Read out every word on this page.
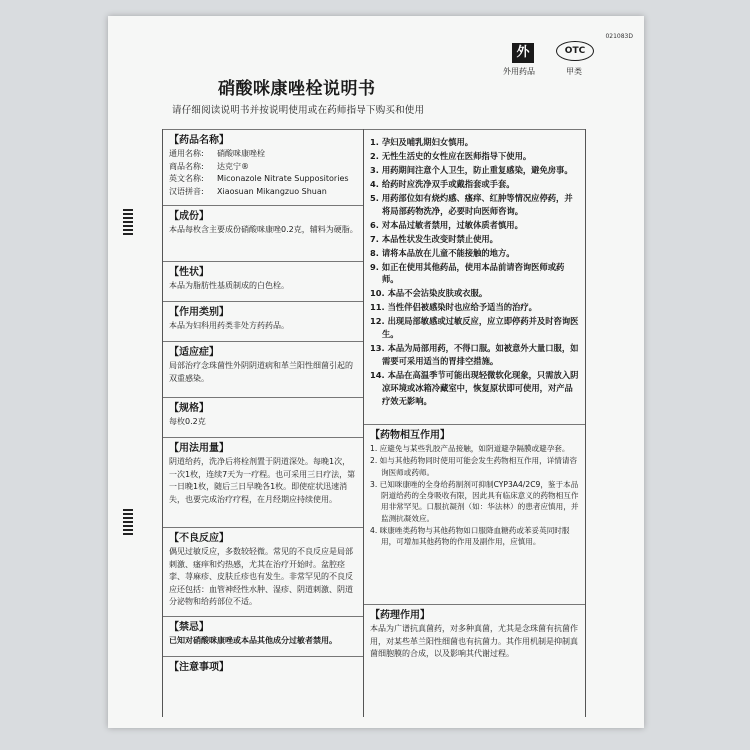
021083D
外
外用药品
OTC
甲类
硝酸咪康唑栓说明书
请仔细阅读说明书并按说明使用或在药师指导下购买和使用
【药品名称】
通用名称: 硝酸咪康唑栓
商品名称: 达克宁®
英文名称: Miconazole Nitrate Suppositories
汉语拼音: Xiaosuan Mikangzuo Shuan
【成份】
本品每枚含主要成份硝酸咪康唑0.2克，辅料为硬脂。
【性状】
本品为脂肪性基质制成的白色栓。
【作用类别】
本品为妇科用药类非处方药药品。
【适应症】
局部治疗念珠菌性外阴阴道病和革兰阳性细菌引起的双重感染。
【规格】
每枚0.2克
【用法用量】
阴道给药，洗净后将栓剂置于阴道深处。每晚1次，一次1枚，连续7天为一疗程。也可采用三日疗法，第一日晚1枚，随后三日早晚各1枚。即使症状迅速消失，也要完成治疗疗程，在月经期应持续使用。
【不良反应】
偶见过敏反应，多数较轻微。常见的不良反应是局部刺激、瘙痒和灼热感，尤其在治疗开始时。盆腔痉挛、荨麻疹、皮肤丘疹也有发生。非常罕见的不良反应还包括：血管神经性水肿、湿疹、阴道刺激、阴道分泌物和给药部位不适。
【禁忌】
已知对硝酸咪康唑或本品其他成分过敏者禁用。
【注意事项】
1. 孕妇及哺乳期妇女慎用。
2. 无性生活史的女性应在医师指导下使用。
3. 用药期间注意个人卫生，防止重复感染，避免房事。
4. 给药时应洗净双手或戴指套或手套。
5. 用药部位如有烧灼感、瘙痒、红肿等情况应停药，并将局部药物洗净，必要时向医师咨询。
6. 对本品过敏者禁用，过敏体质者慎用。
7. 本品性状发生改变时禁止使用。
8. 请将本品放在儿童不能接触的地方。
9. 如正在使用其他药品，使用本品前请咨询医师或药师。
10. 本品不会沾染皮肤或衣服。
11. 当性伴侣被感染时也应给予适当的治疗。
12. 出现局部敏感或过敏反应，应立即停药并及时咨询医生。
13. 本品为局部用药，不得口服。如被意外大量口服，如需要可采用适当的胃排空措施。
14. 本品在高温季节可能出现轻微软化现象，只需放入阴凉环境或冰箱冷藏室中，恢复原状即可使用，对产品疗效无影响。
【药物相互作用】
1. 应避免与某些乳胶产品接触，如阴道避孕隔膜或避孕套。
2. 如与其他药物同时使用可能会发生药物相互作用，详情请咨询医师或药师。
3. 已知咪康唑的全身给药制剂可抑制CYP3A4/2C9，鉴于本品阴道给药的全身吸收有限，因此具有临床意义的药物相互作用非常罕见。口服抗凝剂（如：华法林）的患者应慎用，并监测抗凝效应。
4. 咪康唑类药物与其他药物如口服降血糖药或苯妥英同时服用，可增加其他药物的作用及副作用，应慎用。
【药理作用】
本品为广谱抗真菌药，对多种真菌，尤其是念珠菌有抗菌作用，对某些革兰阳性细菌也有抗菌力。其作用机制是抑制真菌细胞膜的合成，以及影响其代谢过程。
